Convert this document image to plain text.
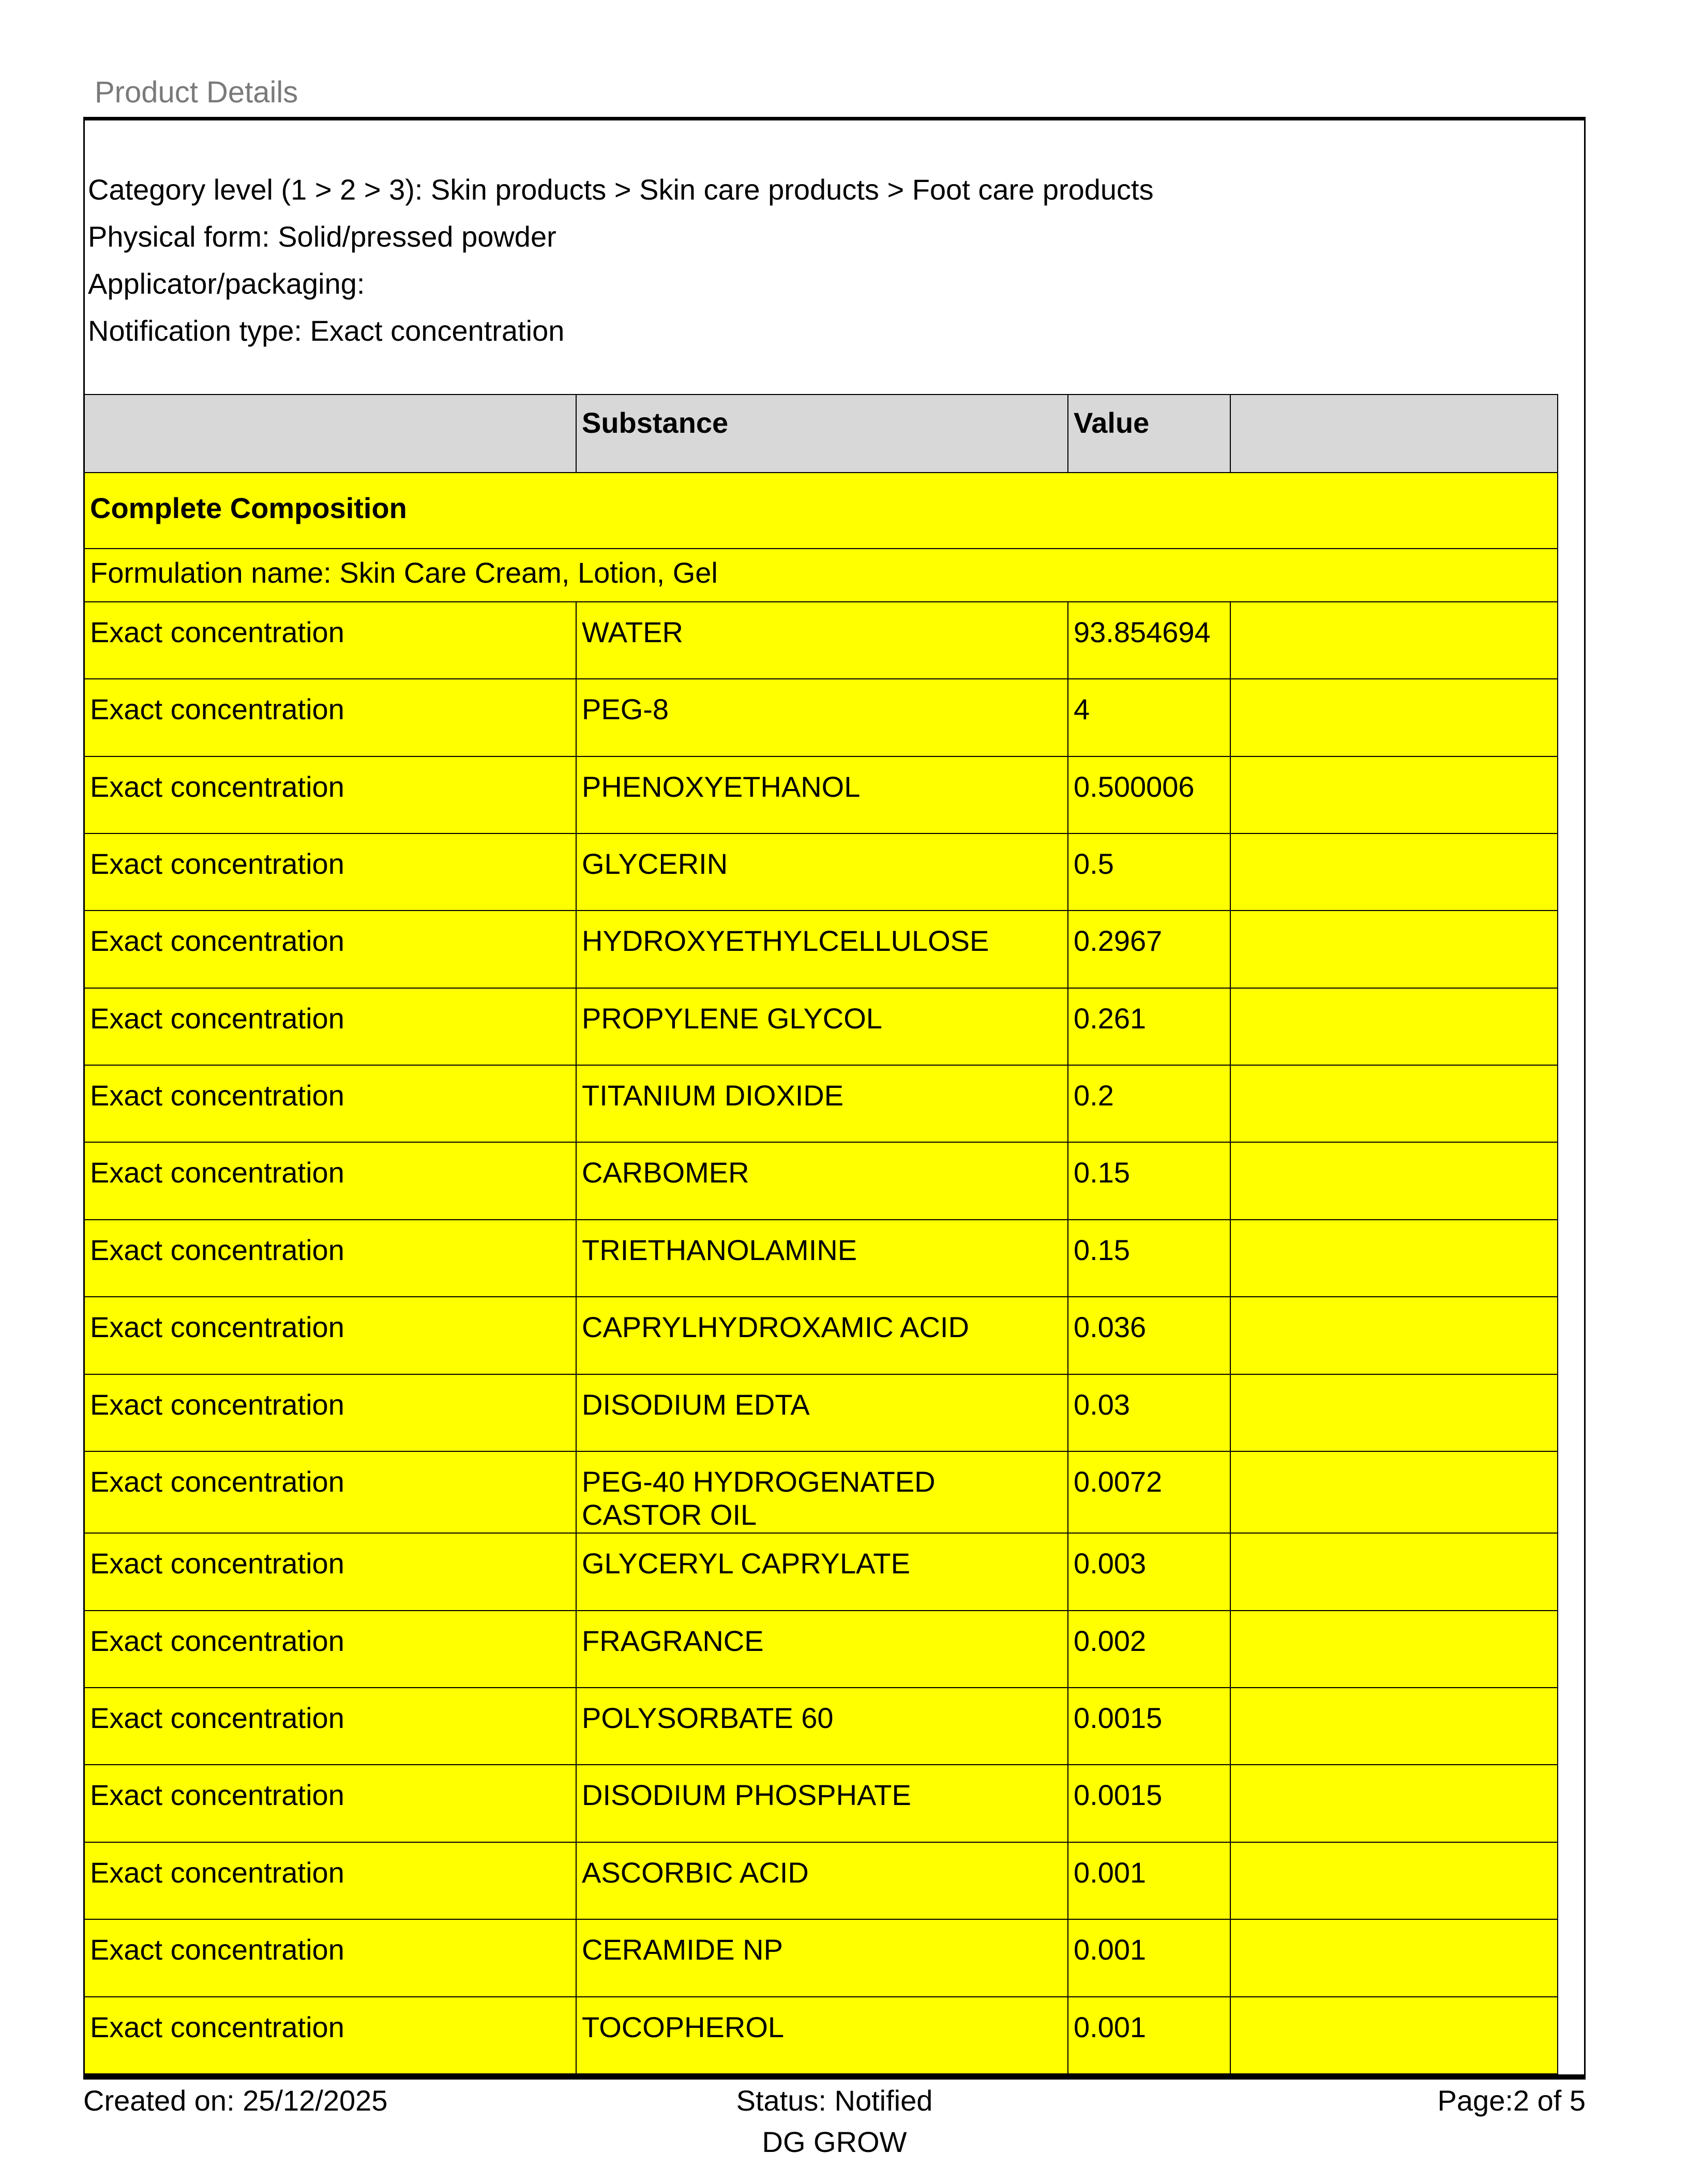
Product Details
Category level (1 > 2 > 3): Skin products > Skin care products > Foot care products
Physical form: Solid/pressed powder
Applicator/packaging:
Notification type: Exact concentration
	Substance	Value	
Complete Composition			
Formulation name: Skin Care Cream, Lotion, Gel			
Exact concentration	WATER	93.854694	
Exact concentration	PEG-8	4	
Exact concentration	PHENOXYETHANOL	0.500006	
Exact concentration	GLYCERIN	0.5	
Exact concentration	HYDROXYETHYLCELLULOSE	0.2967	
Exact concentration	PROPYLENE GLYCOL	0.261	
Exact concentration	TITANIUM DIOXIDE	0.2	
Exact concentration	CARBOMER	0.15	
Exact concentration	TRIETHANOLAMINE	0.15	
Exact concentration	CAPRYLHYDROXAMIC ACID	0.036	
Exact concentration	DISODIUM EDTA	0.03	
Exact concentration	PEG-40 HYDROGENATED CASTOR OIL	0.0072	
Exact concentration	GLYCERYL CAPRYLATE	0.003	
Exact concentration	FRAGRANCE	0.002	
Exact concentration	POLYSORBATE 60	0.0015	
Exact concentration	DISODIUM PHOSPHATE	0.0015	
Exact concentration	ASCORBIC ACID	0.001	
Exact concentration	CERAMIDE NP	0.001	
Exact concentration	TOCOPHEROL	0.001	
Created on: 25/12/2025	Status: Notified	Page:2 of 5
DG GROW
